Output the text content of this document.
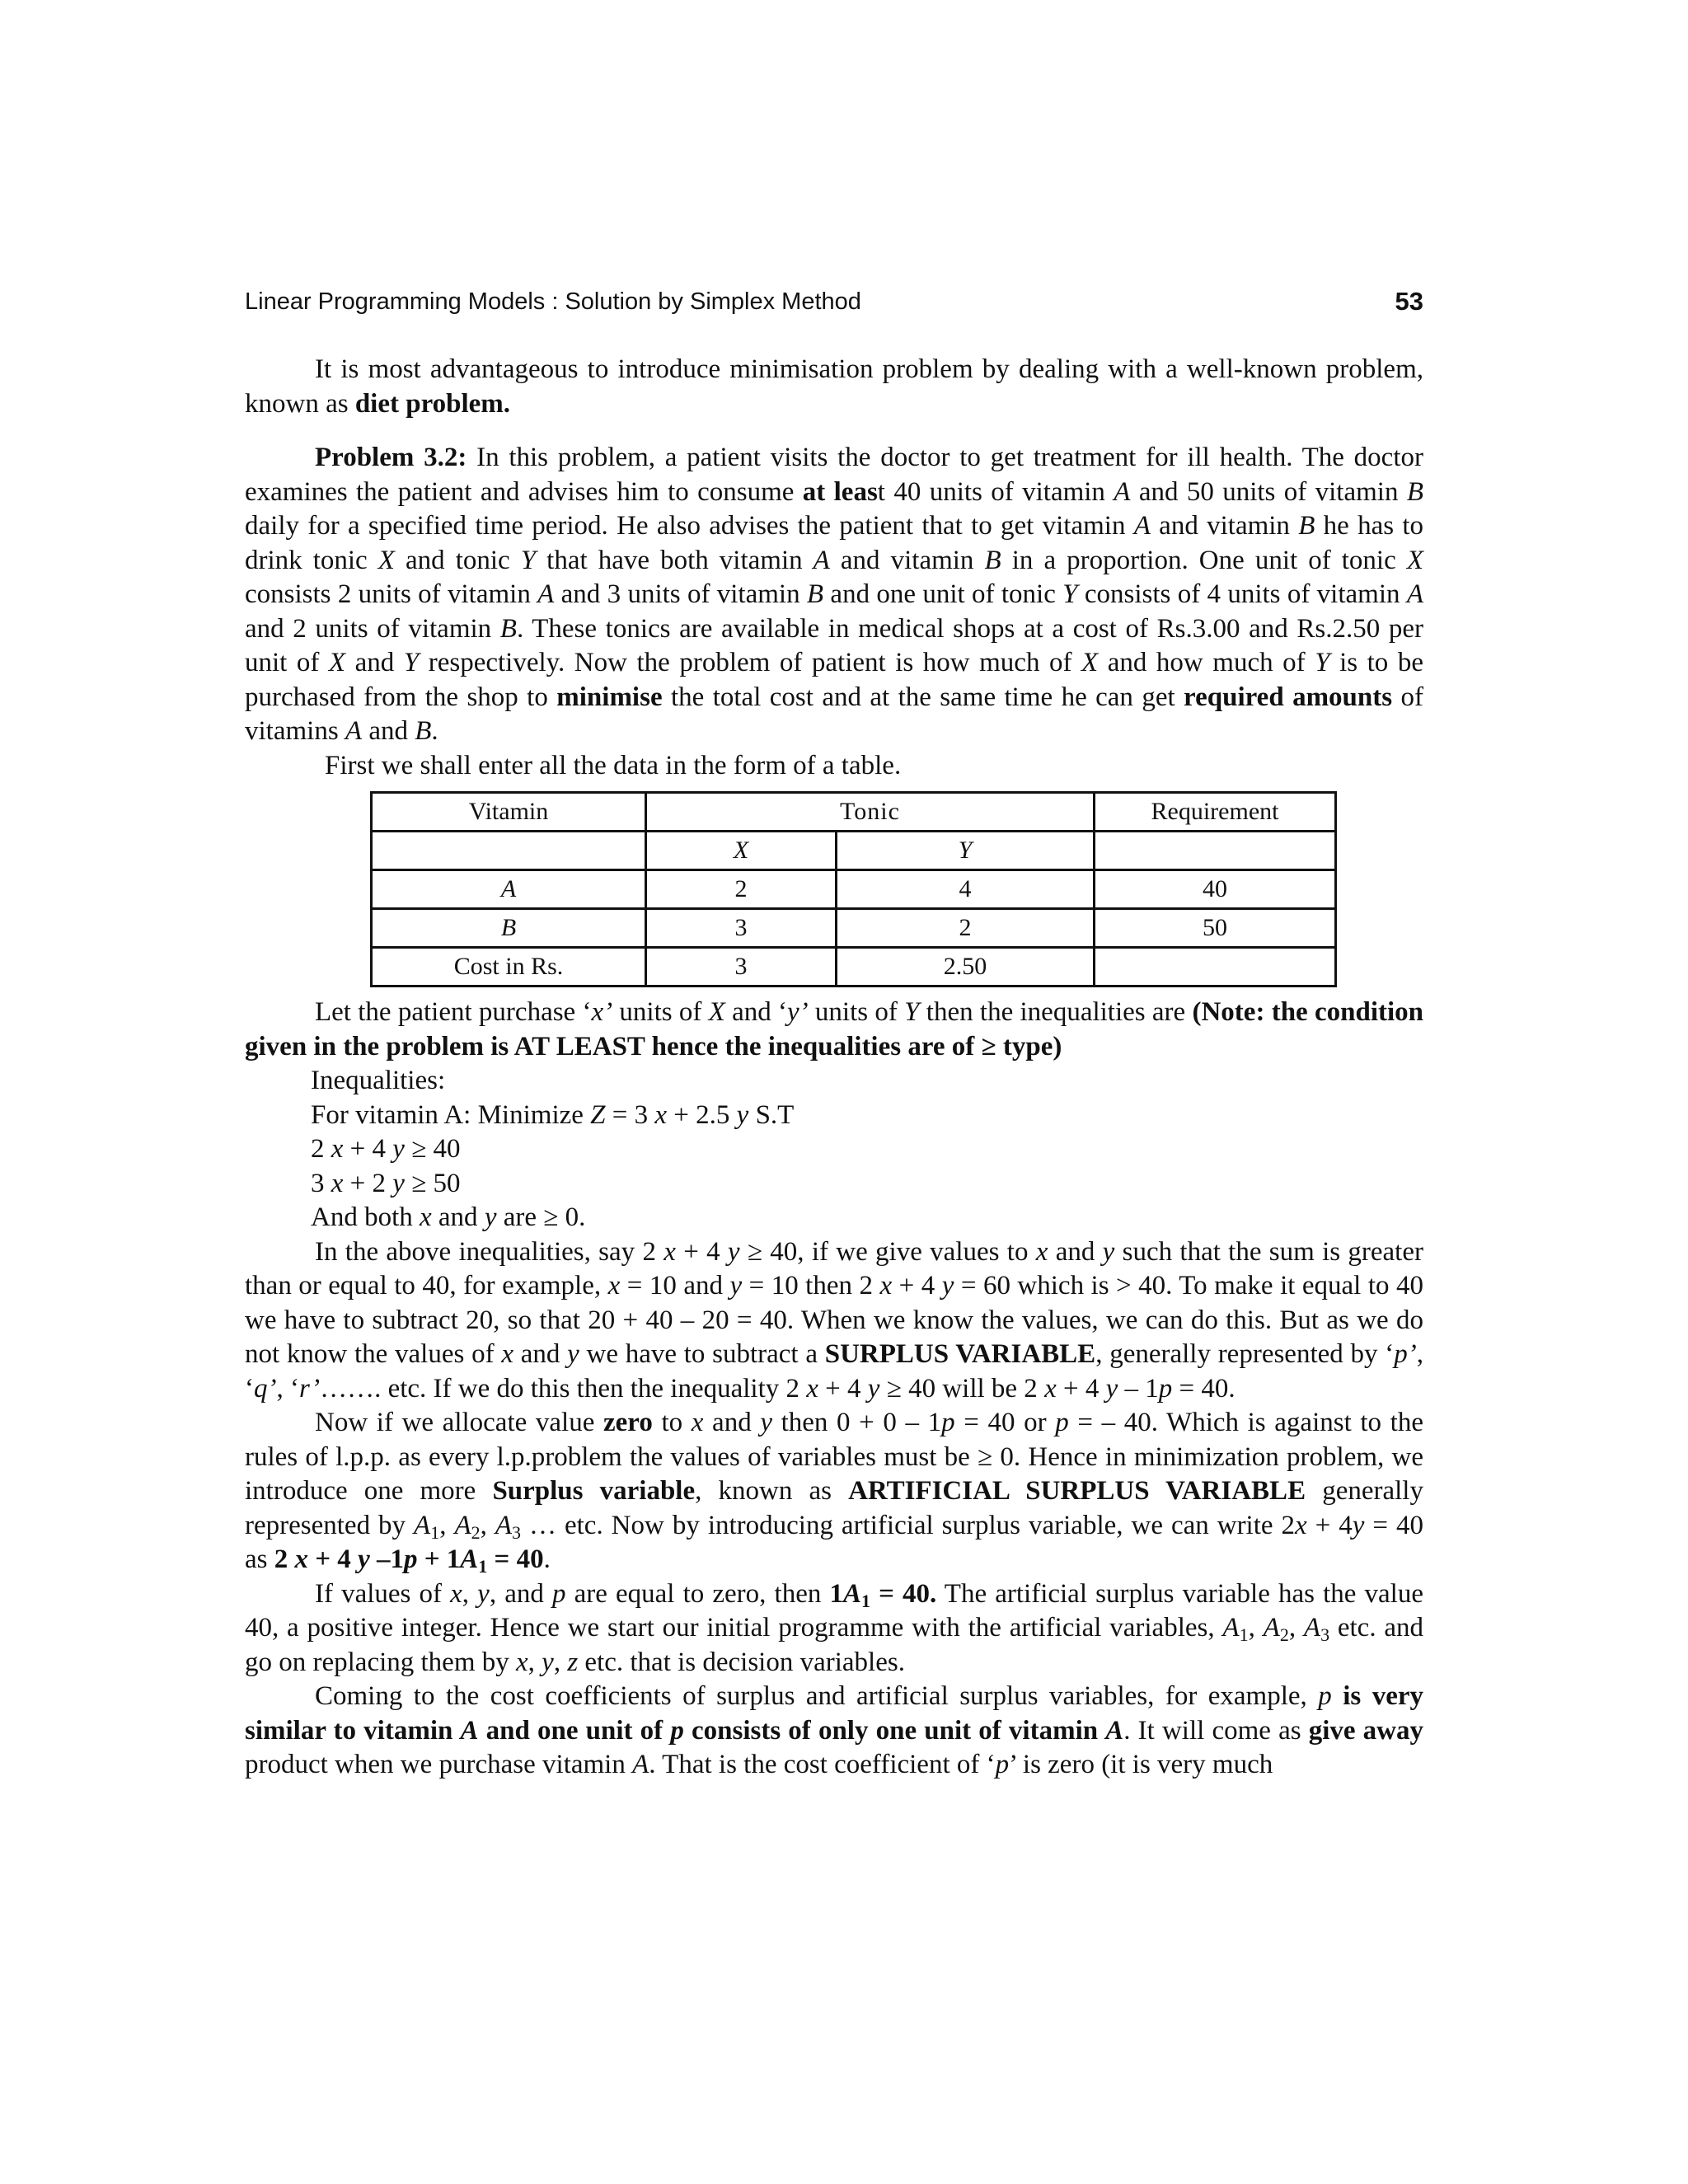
Linear Programming Models : Solution by Simplex Method	53

It is most advantageous to introduce minimisation problem by dealing with a well-known problem, known as diet problem.

Problem 3.2: In this problem, a patient visits the doctor to get treatment for ill health. The doctor examines the patient and advises him to consume at least 40 units of vitamin A and 50 units of vitamin B daily for a specified time period. He also advises the patient that to get vitamin A and vitamin B he has to drink tonic X and tonic Y that have both vitamin A and vitamin B in a proportion. One unit of tonic X consists 2 units of vitamin A and 3 units of vitamin B and one unit of tonic Y consists of 4 units of vitamin A and 2 units of vitamin B. These tonics are available in medical shops at a cost of Rs.3.00 and Rs.2.50 per unit of X and Y respectively. Now the problem of patient is how much of X and how much of Y is to be purchased from the shop to minimise the total cost and at the same time he can get required amounts of vitamins A and B.

First we shall enter all the data in the form of a table.

Vitamin	Tonic		Requirement
	X	Y	
A	2	4	40
B	3	2	50
Cost in Rs.	3	2.50	

Let the patient purchase ‘x’ units of X and ‘y’ units of Y then the inequalities are (Note: the condition given in the problem is AT LEAST hence the inequalities are of ≥ type)

Inequalities:

For vitamin A: Minimize Z = 3 x + 2.5 y S.T

2 x + 4 y ≥ 40

3 x + 2 y ≥ 50

And both x and y are ≥ 0.

In the above inequalities, say 2 x + 4 y ≥ 40, if we give values to x and y such that the sum is greater than or equal to 40, for example, x = 10 and y = 10 then 2 x + 4 y = 60 which is > 40. To make it equal to 40 we have to subtract 20, so that 20 + 40 – 20 = 40. When we know the values, we can do this. But as we do not know the values of x and y we have to subtract a SURPLUS VARIABLE, generally represented by ‘p’, ‘q’, ‘r’……. etc. If we do this then the inequality 2 x + 4 y ≥ 40 will be 2 x + 4 y – 1p = 40.

Now if we allocate value zero to x and y then 0 + 0 – 1p = 40 or p = – 40. Which is against to the rules of l.p.p. as every l.p.problem the values of variables must be ≥ 0. Hence in minimization problem, we introduce one more Surplus variable, known as ARTIFICIAL SURPLUS VARIABLE generally represented by $A_1$, $A_2$, $A_3$ … etc. Now by introducing artificial surplus variable, we can write 2x + 4y = 40 as 2 x + 4 y $-1p + 1A_1 = 40$.

If values of x, y, and p are equal to zero, then $1A_1 = 40$. The artificial surplus variable has the value 40, a positive integer. Hence we start our initial programme with the artificial variables, $A_1$, $A_2$, $A_3$ etc. and go on replacing them by x, y, z etc. that is decision variables.

Coming to the cost coefficients of surplus and artificial surplus variables, for example, p is very similar to vitamin A and one unit of p consists of only one unit of vitamin A. It will come as give away product when we purchase vitamin A. That is the cost coefficient of ‘p’ is zero (it is very much
